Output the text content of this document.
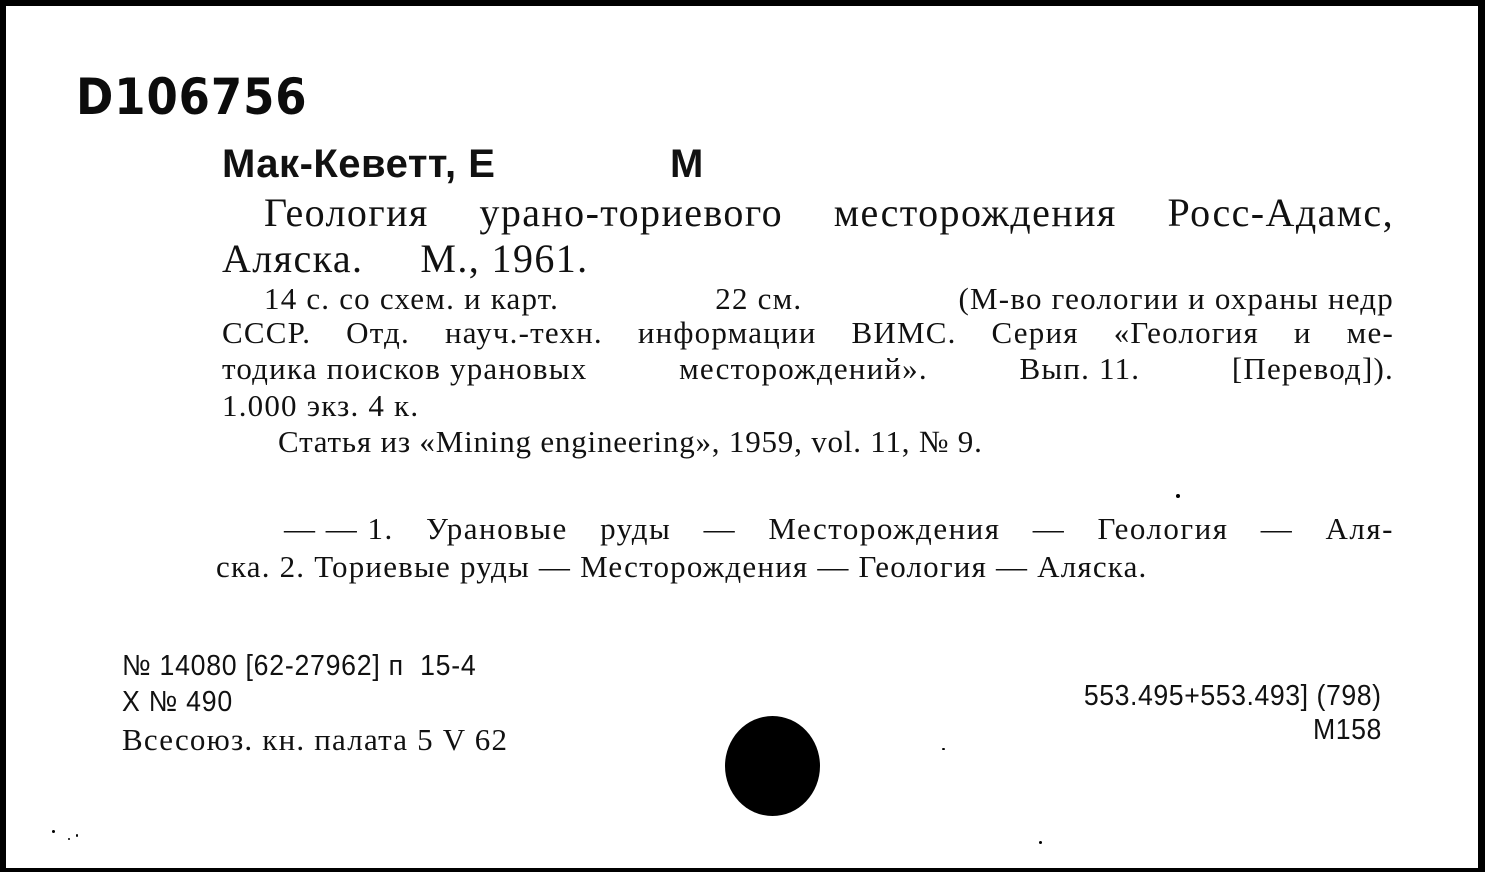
D106756
Мак-Кеветт, Е	М
Геология урано-ториевого месторождения Росс-Адамс,
Аляска.     М., 1961.
14 с. со схем. и карт.	22 см.	(М-во геологии и охраны недр
СССР. Отд. науч.-техн. информации ВИМС. Серия «Геология и ме-
тодика поисков урановых	месторождений».	Вып. 11.	[Перевод]).
1.000 экз. 4 к.
Статья из «Mining engineering», 1959, vol. 11, № 9.
— — 1. Урановые руды — Месторождения — Геология — Аля-
ска. 2. Ториевые руды — Месторождения — Геология — Аляска.
№ 14080 [62-27962] п  15-4
X № 490
Всесоюз. кн. палата 5 V 62
553.495+553.493] (798)
М158
